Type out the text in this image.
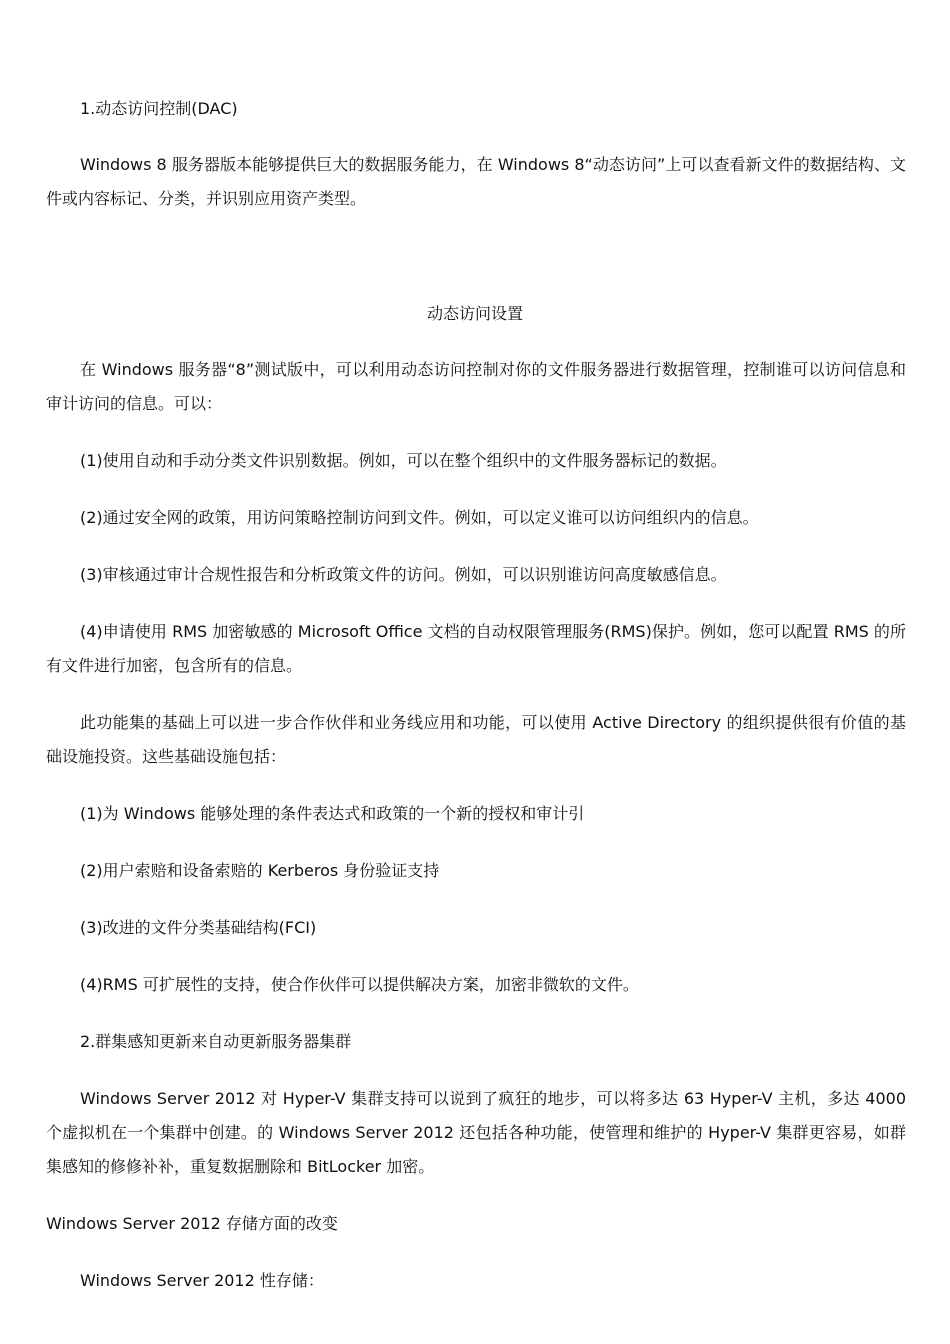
1.动态访问控制(DAC)

Windows 8 服务器版本能够提供巨大的数据服务能力，在 Windows 8“动态访问”上可以查看新文件的数据结构、文件或内容标记、分类，并识别应用资产类型。

动态访问设置

在 Windows 服务器“8”测试版中，可以利用动态访问控制对你的文件服务器进行数据管理，控制谁可以访问信息和审计访问的信息。可以：

(1)使用自动和手动分类文件识别数据。例如，可以在整个组织中的文件服务器标记的数据。
(2)通过安全网的政策，用访问策略控制访问到文件。例如，可以定义谁可以访问组织内的信息。
(3)审核通过审计合规性报告和分析政策文件的访问。例如，可以识别谁访问高度敏感信息。

(4)申请使用 RMS 加密敏感的 Microsoft Office 文档的自动权限管理服务(RMS)保护。例如，您可以配置 RMS 的所有文件进行加密，包含所有的信息。

此功能集的基础上可以进一步合作伙伴和业务线应用和功能，可以使用 Active Directory 的组织提供很有价值的基础设施投资。这些基础设施包括：

(1)为 Windows 能够处理的条件表达式和政策的一个新的授权和审计引
(2)用户索赔和设备索赔的 Kerberos 身份验证支持
(3)改进的文件分类基础结构(FCI)
(4)RMS 可扩展性的支持，使合作伙伴可以提供解决方案，加密非微软的文件。
2.群集感知更新来自动更新服务器集群

Windows Server 2012 对 Hyper-V 集群支持可以说到了疯狂的地步，可以将多达 63 Hyper-V 主机，多达 4000 个虚拟机在一个集群中创建。的 Windows Server 2012 还包括各种功能，使管理和维护的 Hyper-V 集群更容易，如群集感知的修修补补，重复数据删除和 BitLocker 加密。

Windows Server 2012 存储方面的改变
Windows Server 2012 性存储：
